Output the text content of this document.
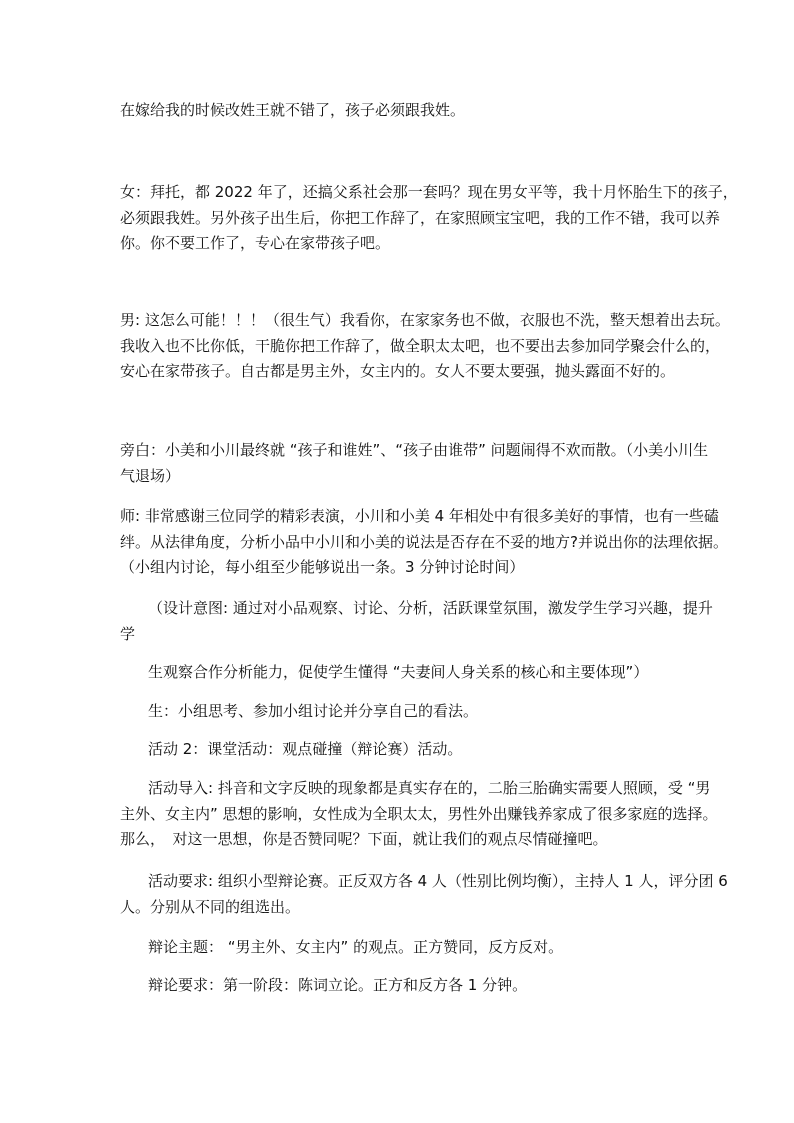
在嫁给我的时候改姓王就不错了，孩子必须跟我姓。

女：拜托，都 2022 年了，还搞父系社会那一套吗？现在男女平等，我十月怀胎生下的孩子，
必须跟我姓。另外孩子出生后，你把工作辞了，在家照顾宝宝吧，我的工作不错，我可以养
你。你不要工作了，专心在家带孩子吧。

男: 这怎么可能！！！（很生气）我看你，在家家务也不做，衣服也不洗，整天想着出去玩。
我收入也不比你低，干脆你把工作辞了，做全职太太吧，也不要出去参加同学聚会什么的，
安心在家带孩子。自古都是男主外，女主内的。女人不要太要强，抛头露面不好的。

旁白：小美和小川最终就 “孩子和谁姓”、“孩子由谁带” 问题闹得不欢而散。（小美小川生
气退场）

师: 非常感谢三位同学的精彩表演，小川和小美 4 年相处中有很多美好的事情，也有一些磕
绊。从法律角度，分析小品中小川和小美的说法是否存在不妥的地方?并说出你的法理依据。
（小组内讨论，每小组至少能够说出一条。3 分钟讨论时间）

（设计意图: 通过对小品观察、讨论、分析，活跃课堂氛围，激发学生学习兴趣，提升
学

生观察合作分析能力，促使学生懂得 “夫妻间人身关系的核心和主要体现”）

生：小组思考、参加小组讨论并分享自己的看法。

活动 2：课堂活动：观点碰撞（辩论赛）活动。

活动导入: 抖音和文字反映的现象都是真实存在的，二胎三胎确实需要人照顾，受 “男
主外、女主内” 思想的影响，女性成为全职太太，男性外出赚钱养家成了很多家庭的选择。
那么，　对这一思想，你是否赞同呢？下面，就让我们的观点尽情碰撞吧。

活动要求: 组织小型辩论赛。正反双方各 4 人（性别比例均衡），主持人 1 人，评分团 6
人。分别从不同的组选出。

辩论主题： “男主外、女主内” 的观点。正方赞同，反方反对。

辩论要求：第一阶段：陈词立论。正方和反方各 1 分钟。
